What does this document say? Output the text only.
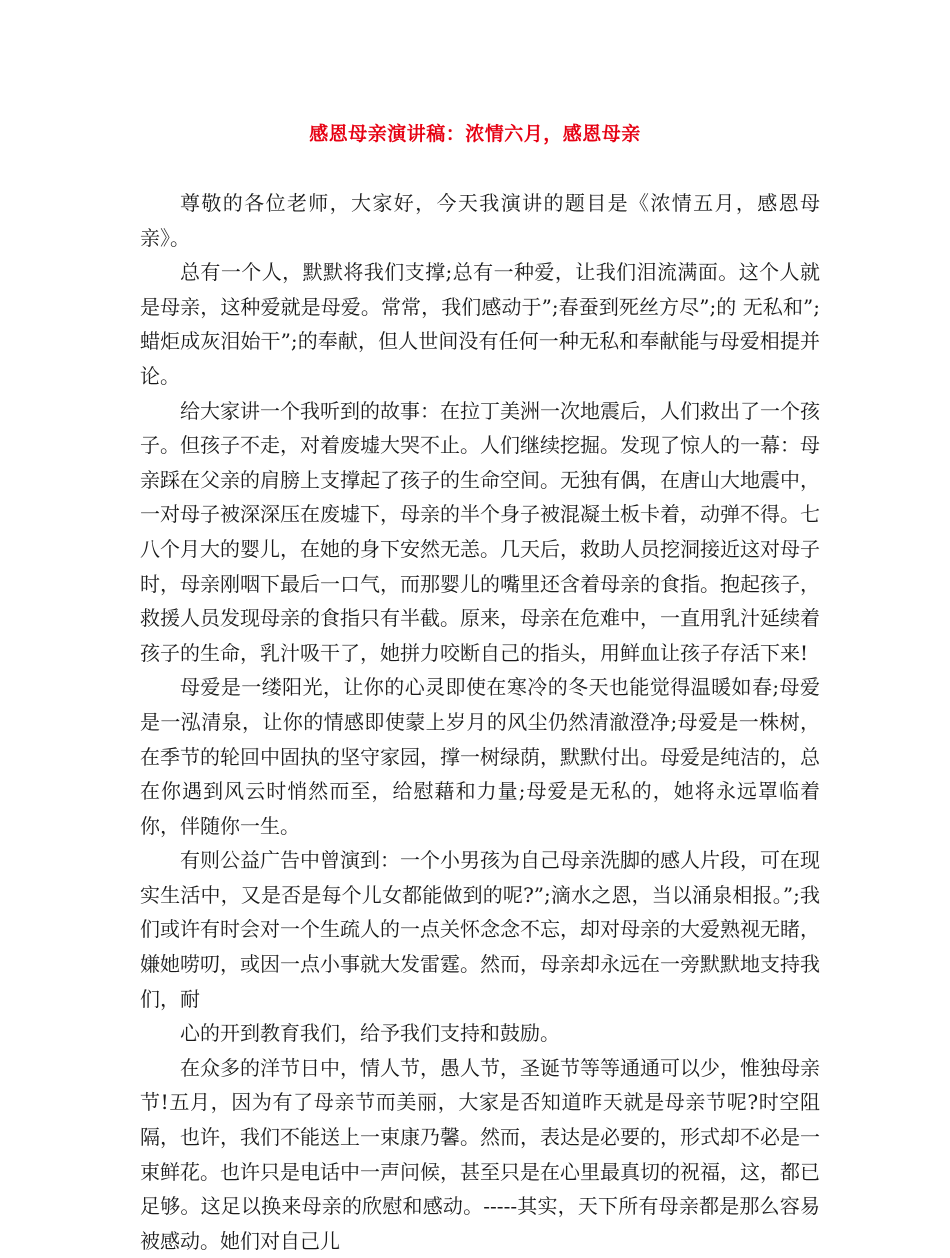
感恩母亲演讲稿：浓情六月，感恩母亲

尊敬的各位老师，大家好，今天我演讲的题目是《浓情五月，感恩母亲》。

总有一个人，默默将我们支撑;总有一种爱，让我们泪流满面。这个人就是母亲，这种爱就是母爱。常常，我们感动于”;春蚕到死丝方尽”;的 无私和”;蜡炬成灰泪始干”;的奉献，但人世间没有任何一种无私和奉献能与母爱相提并论。

给大家讲一个我听到的故事：在拉丁美洲一次地震后，人们救出了一个孩子。但孩子不走，对着废墟大哭不止。人们继续挖掘。发现了惊人的一幕：母亲踩在父亲的肩膀上支撑起了孩子的生命空间。无独有偶，在唐山大地震中，一对母子被深深压在废墟下，母亲的半个身子被混凝土板卡着，动弹不得。七八个月大的婴儿，在她的身下安然无恙。几天后，救助人员挖洞接近这对母子时，母亲刚咽下最后一口气，而那婴儿的嘴里还含着母亲的食指。抱起孩子，救援人员发现母亲的食指只有半截。原来，母亲在危难中，一直用乳汁延续着孩子的生命，乳汁吸干了，她拼力咬断自己的指头，用鲜血让孩子存活下来!

母爱是一缕阳光，让你的心灵即使在寒冷的冬天也能觉得温暖如春;母爱是一泓清泉，让你的情感即使蒙上岁月的风尘仍然清澈澄净;母爱是一株树，在季节的轮回中固执的坚守家园，撑一树绿荫，默默付出。母爱是纯洁的，总在你遇到风云时悄然而至，给慰藉和力量;母爱是无私的，她将永远罩临着你，伴随你一生。

有则公益广告中曾演到：一个小男孩为自己母亲洗脚的感人片段，可在现实生活中，又是否是每个儿女都能做到的呢?”;滴水之恩，当以涌泉相报。”;我们或许有时会对一个生疏人的一点关怀念念不忘，却对母亲的大爱熟视无睹，嫌她唠叨，或因一点小事就大发雷霆。然而，母亲却永远在一旁默默地支持我们，耐

心的开到教育我们，给予我们支持和鼓励。

在众多的洋节日中，情人节，愚人节，圣诞节等等通通可以少，惟独母亲节!五月，因为有了母亲节而美丽，大家是否知道昨天就是母亲节呢?时空阻隔，也许，我们不能送上一束康乃馨。然而，表达是必要的，形式却不必是一束鲜花。也许只是电话中一声问候，甚至只是在心里最真切的祝福，这，都已足够。这足以换来母亲的欣慰和感动。-----其实，天下所有母亲都是那么容易被感动。她们对自己儿
